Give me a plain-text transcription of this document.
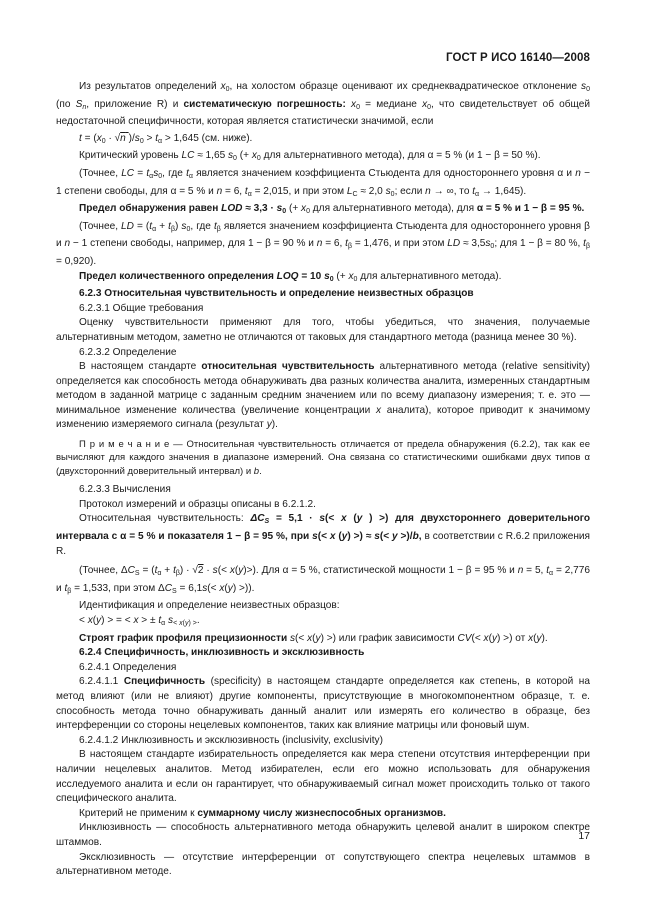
ГОСТ Р ИСО 16140—2008

Из результатов определений $x_0$, на холостом образце оценивают их среднеквадратическое отклонение $s_0$ (по $S_n$, приложение R) и систематическую погрешность: $x_0$ = медиане $x_0$, что свидетельствует об общей недостаточной специфичности, которая является статистически значимой, если

$t = (x_0 \cdot √n$ )$/s_0 > t_\alpha > 1,645$ (см. ниже).

Критический уровень LC ≈ 1,65 $s_0$ (+ $x_0$ для альтернативного метода), для α = 5 % (и 1 − β = 50 %).

(Точнее, LC = $t_\alpha s_0$, где $t_\alpha$ является значением коэффициента Стьюдента для одностороннего уровня α и n − 1 степени свободы, для α = 5 % и n = 6, $t_\alpha = 2,015$, и при этом $L_C \approx 2,0$ $s_0$; если n → ∞, то $t_\alpha \to 1,645$).

Предел обнаружения равен LOD ≈ $3,3 \cdot s_0$ (+ $x_0$ для альтернативного метода), для α = 5 % и 1 − β = 95 %.

(Точнее, LD = $(t_\alpha + t_\beta)$ $s_0$, где $t_\beta$ является значением коэффициента Стьюдента для одностороннего уровня β и n − 1 степени свободы, например, для 1 − β = 90 % и n = 6, $t_\beta = 1,476$, и при этом LD ≈ $3,5s_0$; для 1 − β = 80 %, $t_\beta = 0,920$).

Предел количественного определения LOQ = 10 $s_0$ (+ $x_0$ для альтернативного метода).

6.2.3 Относительная чувствительность и определение неизвестных образцов

6.2.3.1 Общие требования

Оценку чувствительности применяют для того, чтобы убедиться, что значения, получаемые альтернативным методом, заметно не отличаются от таковых для стандартного метода (разница менее 30 %).

6.2.3.2 Определение

В настоящем стандарте относительная чувствительность альтернативного метода (relative sensitivity) определяется как способность метода обнаруживать два разных количества аналита, измеренных стандартным методом в заданной матрице с заданным средним значением или по всему диапазону измерения; т. е. это — минимальное изменение количества (увеличение концентрации x аналита), которое приводит к значимому изменению измеряемого сигнала (результат y).

П р и м е ч а н и е — Относительная чувствительность отличается от предела обнаружения (6.2.2), так как ее вычисляют для каждого значения в диапазоне измерений. Она связана со статистическими ошибками двух типов α (двухсторонний доверительный интервал) и b.

6.2.3.3 Вычисления

Протокол измерений и образцы описаны в 6.2.1.2.

Относительная чувствительность: $\Delta C_S = 5,1 \cdot s(< x$ (y ) >) для двухстороннего доверительного интервала с α = 5 % и показателя 1 − β = 95 %, при s(< x (y) >) ≈ s(< y >)/b, в соответствии с R.6.2 приложения R.

(Точнее, $\Delta C_S = (t_\alpha + t_\beta) \cdot √2 \cdot s(< x(y)>)$. Для α = 5 %, статистической мощности 1 − β = 95 % и n = 5, $t_\alpha = 2,776$ и $t_\beta = 1,533$, при этом $\Delta C_S = 6,1s(< x(y)$ >)).

Идентификация и определение неизвестных образцов:

< x(y) > = < x > ± $t_\alpha$ $s_{< x(y) >}$.

Строят график профиля прецизионности s(< x(y) >) или график зависимости CV(< x(y) >) от x(y).

6.2.4 Специфичность, инклюзивность и эксклюзивность

6.2.4.1 Определения

6.2.4.1.1 Специфичность (specificity) в настоящем стандарте определяется как степень, в которой на метод влияют (или не влияют) другие компоненты, присутствующие в многокомпонентном образце, т. е. способность метода точно обнаруживать данный аналит или измерять его количество в образце, без интерференции со стороны нецелевых компонентов, таких как влияние матрицы или фоновый шум.

6.2.4.1.2 Инклюзивность и эксклюзивность (inclusivity, exclusivity)

В настоящем стандарте избирательность определяется как мера степени отсутствия интерференции при наличии нецелевых аналитов. Метод избирателен, если его можно использовать для обнаружения исследуемого аналита и если он гарантирует, что обнаруживаемый сигнал может происходить только от такого специфического аналита.

Критерий не применим к суммарному числу жизнеспособных организмов.

Инклюзивность — способность альтернативного метода обнаружить целевой аналит в широком спектре штаммов.

Эксклюзивность — отсутствие интерференции от сопутствующего спектра нецелевых штаммов в альтернативном методе.

17
